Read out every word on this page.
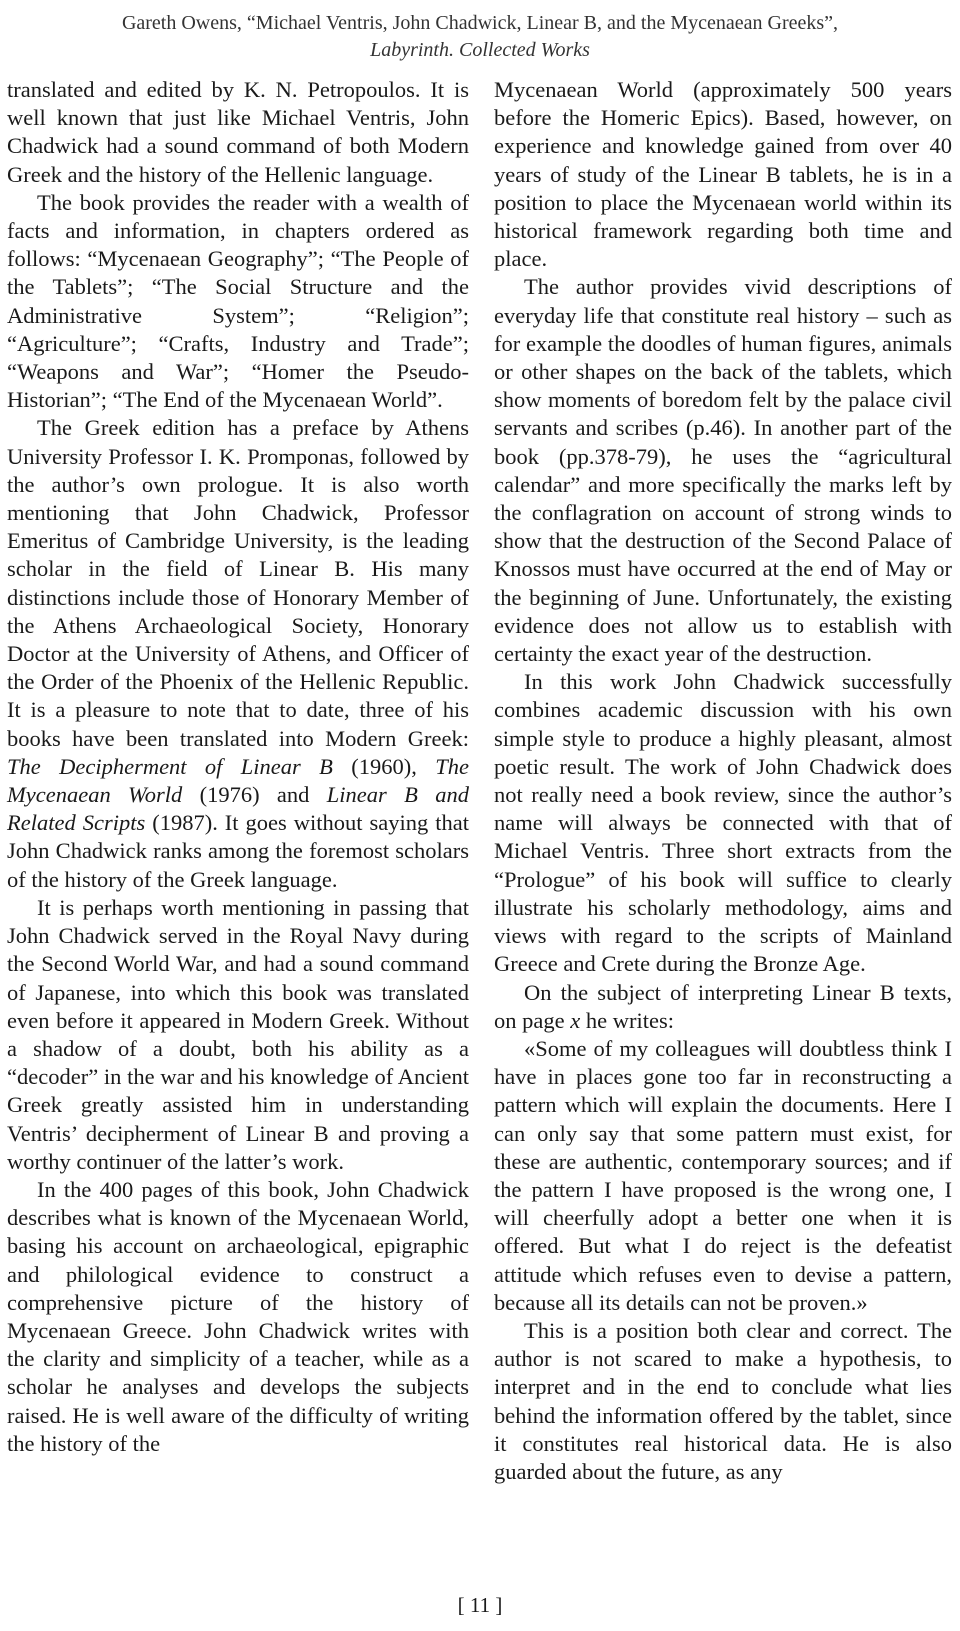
Gareth Owens, “Michael Ventris, John Chadwick, Linear B, and the Mycenaean Greeks”,
Labyrinth. Collected Works

translated and edited by K. N. Petropoulos. It is well known that just like Michael Ventris, John Chadwick had a sound command of both Modern Greek and the history of the Hellenic language.

The book provides the reader with a wealth of facts and information, in chapters ordered as follows: “Mycenaean Geography”; “The People of the Tablets”; “The Social Structure and the Administrative System”; “Religion”; “Agriculture”; “Crafts, Industry and Trade”; “Weapons and War”; “Homer the Pseudo-Historian”; “The End of the Mycenaean World”.

The Greek edition has a preface by Athens University Professor I. K. Promponas, followed by the author’s own prologue. It is also worth mentioning that John Chadwick, Professor Emeritus of Cambridge University, is the leading scholar in the field of Linear B. His many distinctions include those of Honorary Member of the Athens Archaeological Society, Honorary Doctor at the University of Athens, and Officer of the Order of the Phoenix of the Hellenic Republic. It is a pleasure to note that to date, three of his books have been translated into Modern Greek: The Decipherment of Linear B (1960), The Mycenaean World (1976) and Linear B and Related Scripts (1987). It goes without saying that John Chadwick ranks among the foremost scholars of the history of the Greek language.

It is perhaps worth mentioning in passing that John Chadwick served in the Royal Navy during the Second World War, and had a sound command of Japanese, into which this book was translated even before it appeared in Modern Greek. Without a shadow of a doubt, both his ability as a “decoder” in the war and his knowledge of Ancient Greek greatly assisted him in understanding Ventris’ decipherment of Linear B and proving a worthy continuer of the latter’s work.

In the 400 pages of this book, John Chadwick describes what is known of the Mycenaean World, basing his account on archaeological, epigraphic and philological evidence to construct a comprehensive picture of the history of Mycenaean Greece. John Chadwick writes with the clarity and simplicity of a teacher, while as a scholar he analyses and develops the subjects raised. He is well aware of the difficulty of writing the history of the

Mycenaean World (approximately 500 years before the Homeric Epics). Based, however, on experience and knowledge gained from over 40 years of study of the Linear B tablets, he is in a position to place the Mycenaean world within its historical framework regarding both time and place.

The author provides vivid descriptions of everyday life that constitute real history – such as for example the doodles of human figures, animals or other shapes on the back of the tablets, which show moments of boredom felt by the palace civil servants and scribes (p.46). In another part of the book (pp.378-79), he uses the “agricultural calendar” and more specifically the marks left by the conflagration on account of strong winds to show that the destruction of the Second Palace of Knossos must have occurred at the end of May or the beginning of June. Unfortunately, the existing evidence does not allow us to establish with certainty the exact year of the destruction.

In this work John Chadwick successfully combines academic discussion with his own simple style to produce a highly pleasant, almost poetic result. The work of John Chadwick does not really need a book review, since the author’s name will always be connected with that of Michael Ventris. Three short extracts from the “Prologue” of his book will suffice to clearly illustrate his scholarly methodology, aims and views with regard to the scripts of Mainland Greece and Crete during the Bronze Age.

On the subject of interpreting Linear B texts, on page x he writes:

«Some of my colleagues will doubtless think I have in places gone too far in reconstructing a pattern which will explain the documents. Here I can only say that some pattern must exist, for these are authentic, contemporary sources; and if the pattern I have proposed is the wrong one, I will cheerfully adopt a better one when it is offered. But what I do reject is the defeatist attitude which refuses even to devise a pattern, because all its details can not be proven.»

This is a position both clear and correct. The author is not scared to make a hypothesis, to interpret and in the end to conclude what lies behind the information offered by the tablet, since it constitutes real historical data. He is also guarded about the future, as any

[ 11 ]
